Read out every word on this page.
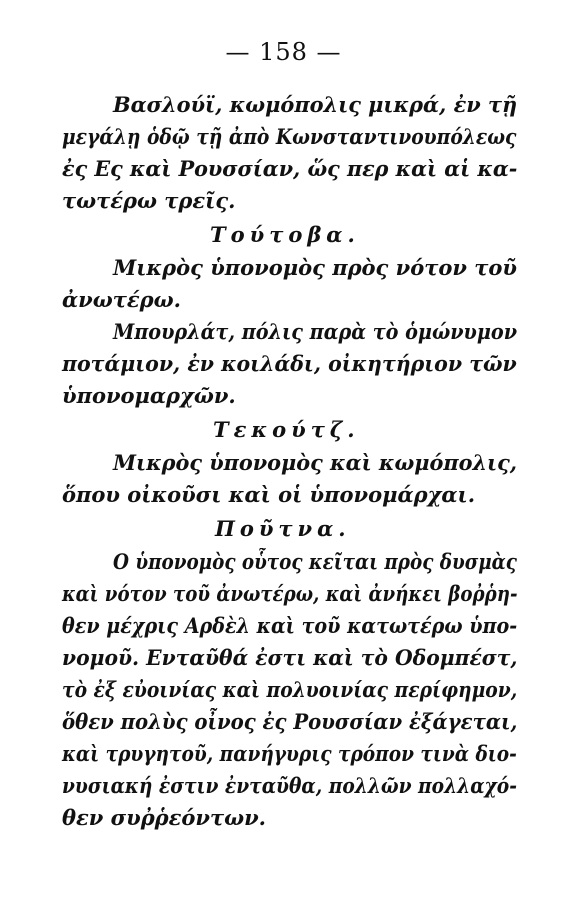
— 158 —
Βασλούϊ, κωμόπολις μικρά, ἐν τῇ
μεγάλῃ ὁδῷ τῇ ἀπὸ Κωνσταντινουπόλεως
ἐς Ες καὶ Ρουσσίαν, ὥς περ καὶ αἱ κα-
τωτέρω τρεῖς.
Τούτοβα.
Μικρὸς ὑπονομὸς πρὸς νότον τοῦ
ἀνωτέρω.
Μπουρλάτ, πόλις παρὰ τὸ ὁμώνυμον
ποτάμιον, ἐν κοιλάδι, οἰκητήριον τῶν
ὑπονομαρχῶν.
Τεκούτζ.
Μικρὸς ὑπονομὸς καὶ κωμόπολις,
ὅπου οἰκοῦσι καὶ οἱ ὑπονομάρχαι.
Ποῦτνα.
Ο ὑπονομὸς οὗτος κεῖται πρὸς δυσμὰς
καὶ νότον τοῦ ἀνωτέρω, καὶ ἀνήκει βοῤῥη-
θεν μέχρις Αρδὲλ καὶ τοῦ κατωτέρω ὑπο-
νομοῦ. Ενταῦθά ἐστι καὶ τὸ Οδομπέστ,
τὸ ἐξ εὐοινίας καὶ πολυοινίας περίφημον,
ὅθεν πολὺς οἶνος ἐς Ρουσσίαν ἐξάγεται,
καὶ τρυγητοῦ, πανήγυρις τρόπον τινὰ διο-
νυσιακή ἐστιν ἐνταῦθα, πολλῶν πολλαχό-
θεν συῤῥεόντων.
